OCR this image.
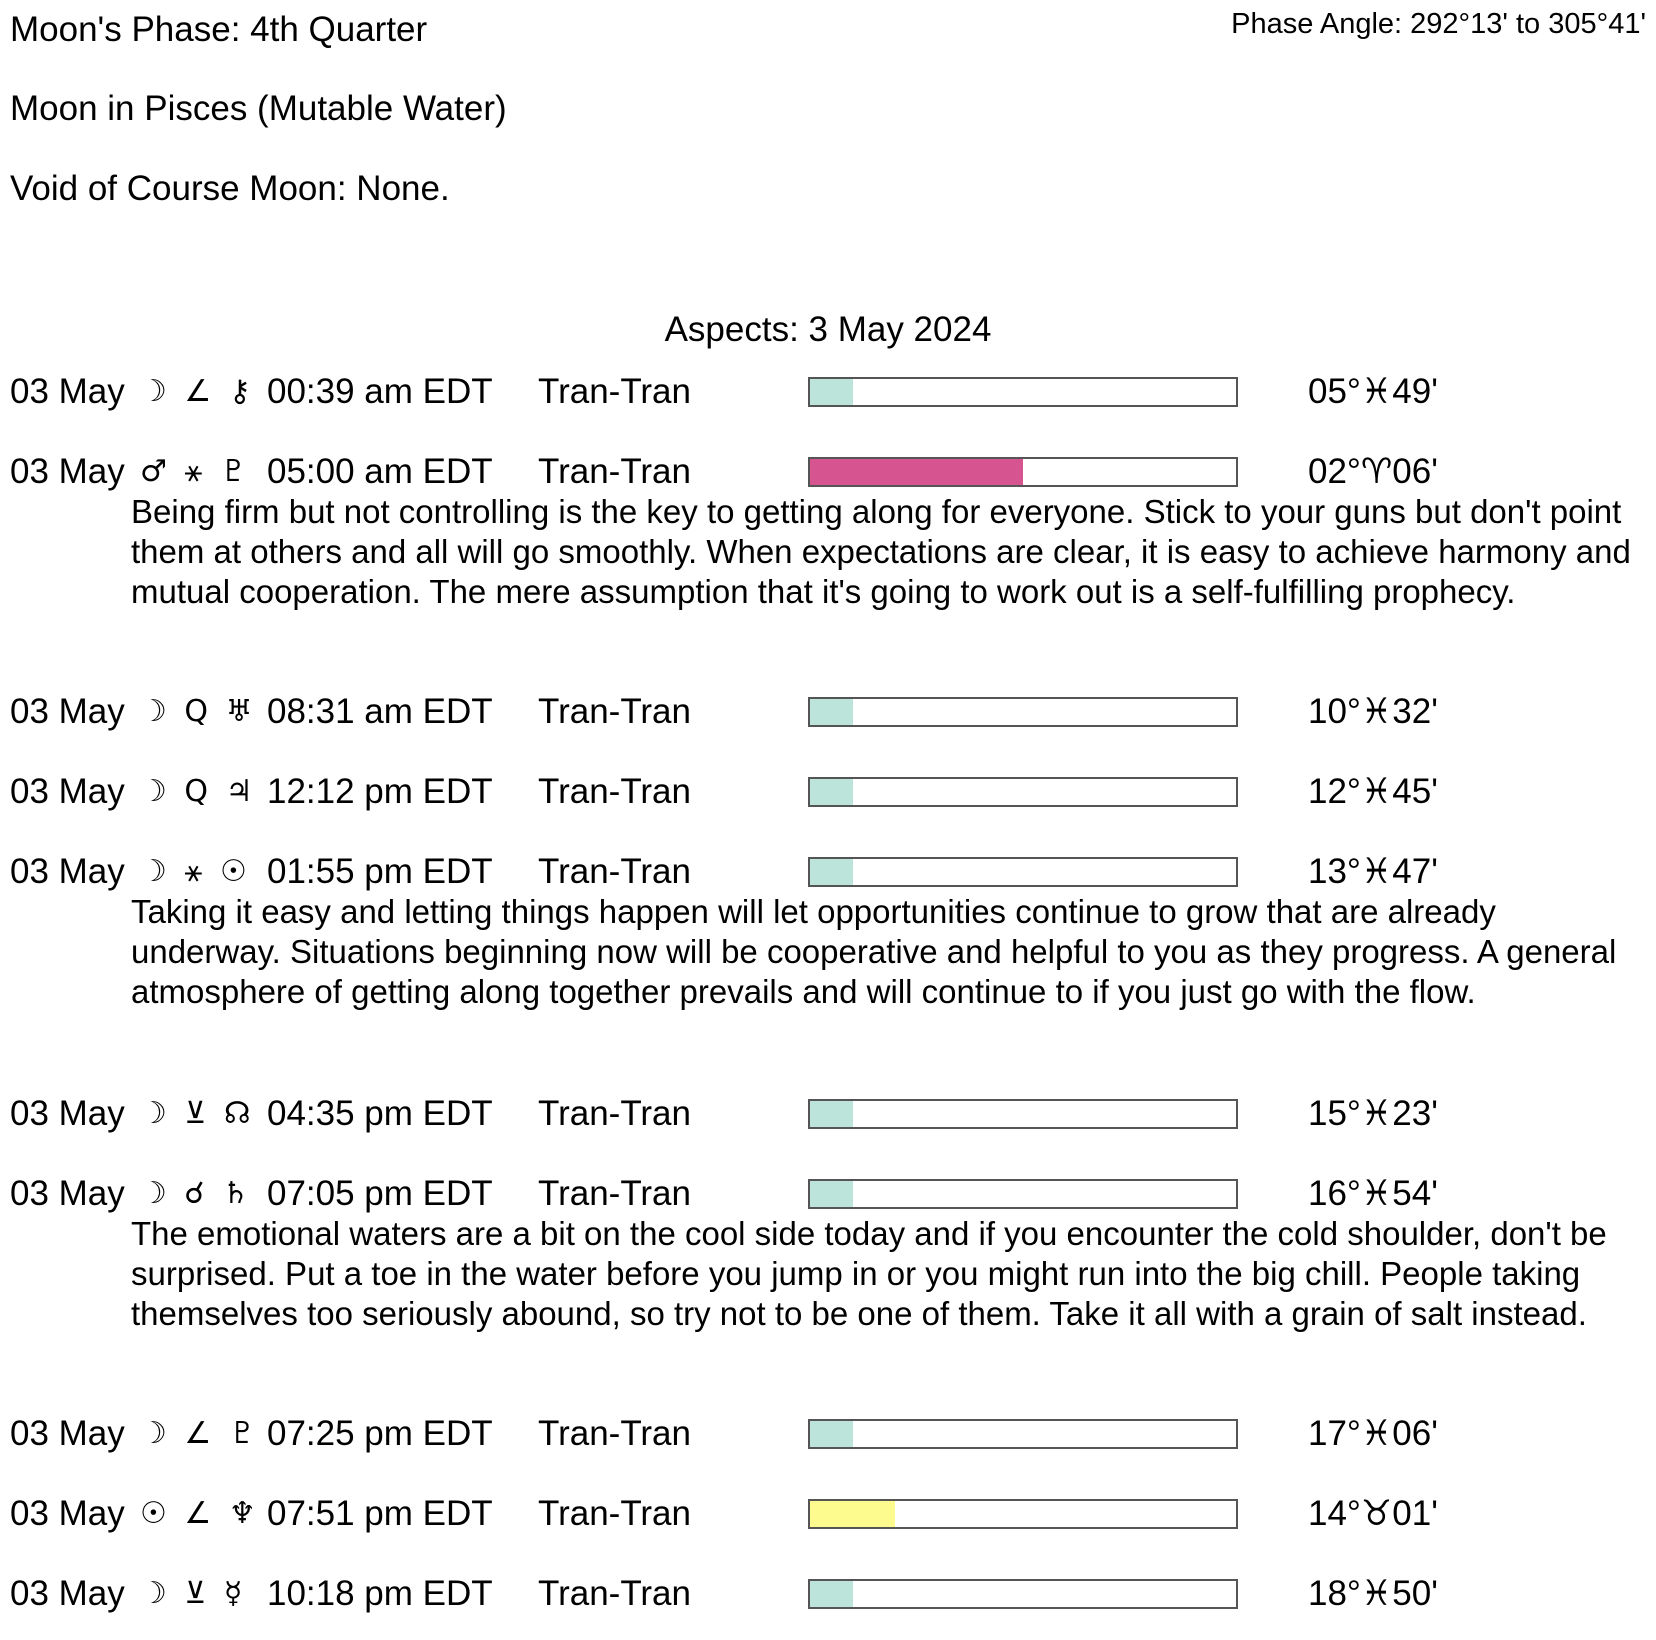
Moon's Phase: 4th Quarter	Phase Angle: 292°13' to 305°41'
Moon in Pisces (Mutable Water)
Void of Course Moon: None.
Aspects: 3 May 2024
03 May ☽ ∠ ⚷ 00:39 am EDT Tran-Tran	05°♓49'
03 May ♂ ⚹ ♇ 05:00 am EDT Tran-Tran	02°♈06'
Being firm but not controlling is the key to getting along for everyone. Stick to your guns but don't point them at others and all will go smoothly. When expectations are clear, it is easy to achieve harmony and mutual cooperation. The mere assumption that it's going to work out is a self-fulfilling prophecy.
03 May ☽ Q ♅ 08:31 am EDT Tran-Tran	10°♓32'
03 May ☽ Q ♃ 12:12 pm EDT Tran-Tran	12°♓45'
03 May ☽ ⚹ ☉ 01:55 pm EDT Tran-Tran	13°♓47'
Taking it easy and letting things happen will let opportunities continue to grow that are already underway. Situations beginning now will be cooperative and helpful to you as they progress. A general atmosphere of getting along together prevails and will continue to if you just go with the flow.
03 May ☽ ⊻ ☊ 04:35 pm EDT Tran-Tran	15°♓23'
03 May ☽ ☌ ♄ 07:05 pm EDT Tran-Tran	16°♓54'
The emotional waters are a bit on the cool side today and if you encounter the cold shoulder, don't be surprised. Put a toe in the water before you jump in or you might run into the big chill. People taking themselves too seriously abound, so try not to be one of them. Take it all with a grain of salt instead.
03 May ☽ ∠ ♇ 07:25 pm EDT Tran-Tran	17°♓06'
03 May ☉ ∠ ♆ 07:51 pm EDT Tran-Tran	14°♉01'
03 May ☽ ⊻ ☿ 10:18 pm EDT Tran-Tran	18°♓50'
